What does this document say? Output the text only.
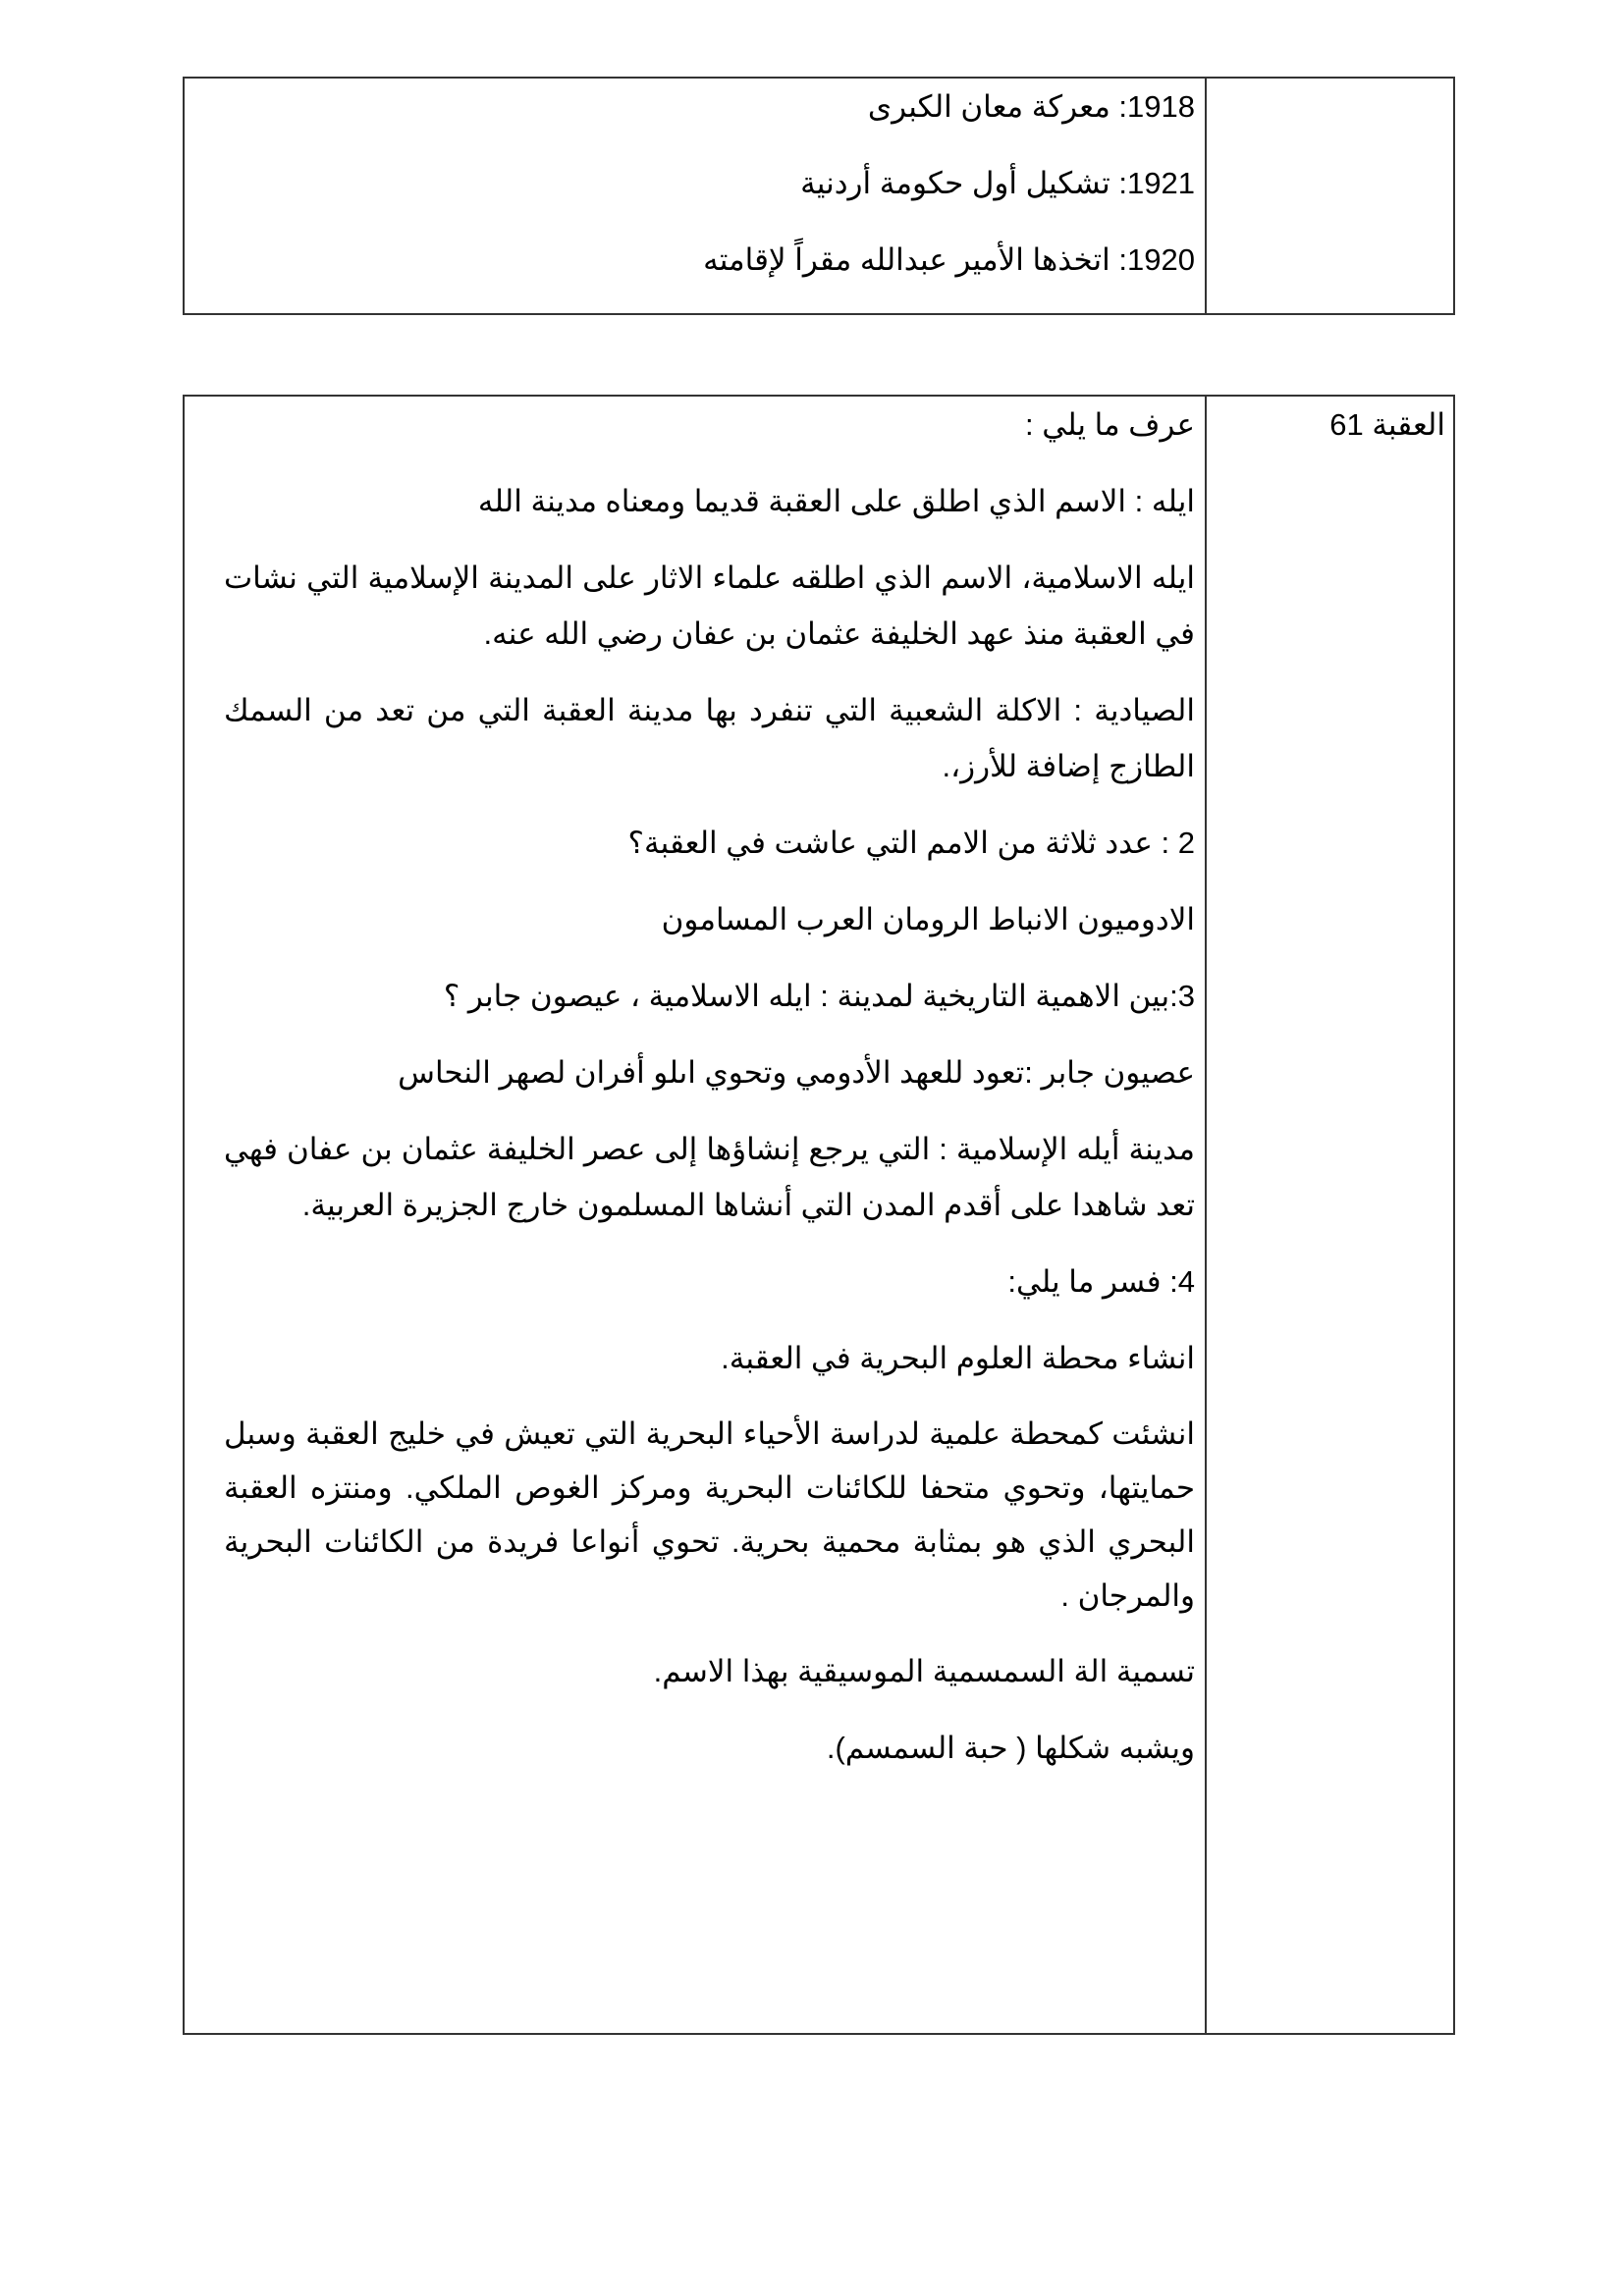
1918: معركة معان الكبرى
1921: تشكيل أول حكومة أردنية
1920: اتخذها الأمير عبدالله مقراً لإقامته
العقبة 61
عرف ما يلي :
ايله : الاسم الذي اطلق على العقبة قديما ومعناه مدينة الله
ايله الاسلامية، الاسم الذي اطلقه علماء الاثار على المدينة الإسلامية التي نشات في العقبة منذ عهد الخليفة عثمان بن عفان رضي الله عنه.
الصيادية : الاكلة الشعبية التي تنفرد بها مدينة العقبة التي من تعد من السمك الطازج إضافة للأرز،.
2 : عدد ثلاثة من الامم التي عاشت في العقبة؟
الادوميون الانباط الرومان العرب المسامون
3:بين الاهمية التاريخية لمدينة : ايله الاسلامية ، عيصون جابر ؟
عصيون جابر :تعود للعهد الأدومي وتحوي اىلو أفران لصهر النحاس
مدينة أيله الإسلامية : التي يرجع إنشاؤها إلى عصر الخليفة عثمان بن عفان فهي تعد شاهدا على أقدم المدن التي أنشاها المسلمون خارج الجزيرة العربية.
4: فسر ما يلي:
انشاء محطة العلوم البحرية في العقبة.
انشئت كمحطة علمية لدراسة الأحياء البحرية التي تعيش في خليج العقبة وسبل حمايتها، وتحوي متحفا للكائنات البحرية ومركز الغوص الملكي. ومنتزه العقبة البحري الذي هو بمثابة محمية بحرية. تحوي أنواعا فريدة من الكائنات البحرية والمرجان .
تسمية الة السمسمية الموسيقية بهذا الاسم.
ويشبه شكلها ( حبة السمسم).
